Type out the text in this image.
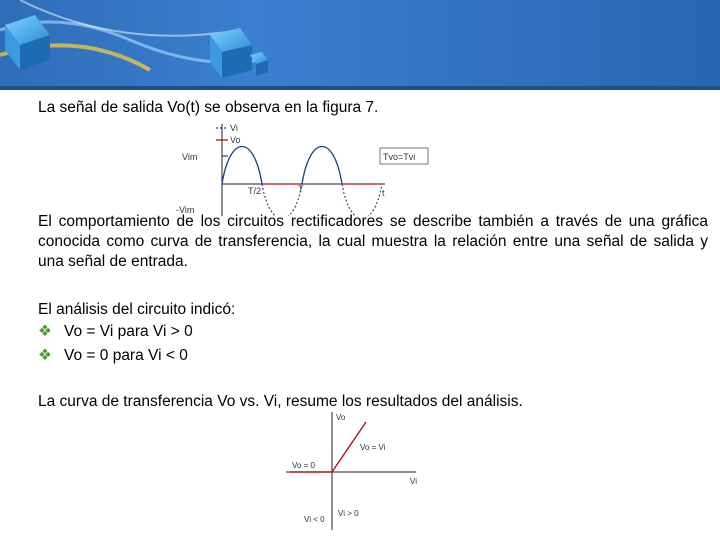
La señal de salida Vo(t) se observa en la figura 7.

Vi
Vo
Vim
-Vim
T/2	T	t
Tvo=Tvi

El comportamiento de los circuitos rectificadores se describe también a través de una gráfica conocida como curva de transferencia, la cual muestra la relación entre una señal de salida y una señal de entrada.

El análisis del circuito indicó:

❖ Vo = Vi para Vi > 0
❖ Vo = 0 para Vi < 0

La curva de transferencia Vo vs. Vi, resume los resultados del análisis.

Vo
Vi
Vo = Vi
Vo = 0
Vi > 0
Vi < 0
